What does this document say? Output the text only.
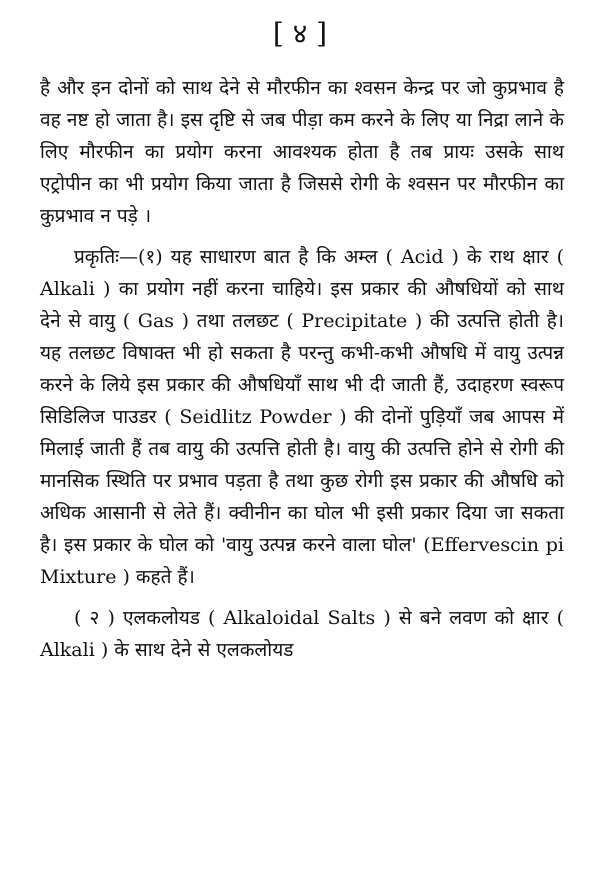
[ ४ ]

है और इन दोनों को साथ देने से मौरफीन का श्वसन केन्द्र पर जो कुप्रभाव है वह नष्ट हो जाता है। इस दृष्टि से जब पीड़ा कम करने के लिए या निद्रा लाने के लिए मौरफीन का प्रयोग करना आवश्यक होता है तब प्रायः उसके साथ एट्रोपीन का भी प्रयोग किया जाता है जिससे रोगी के श्वसन पर मौरफीन का कुप्रभाव न पड़े ।

प्रकृतिः—(१) यह साधारण बात है कि अम्ल ( Acid ) के राथ क्षार ( Alkali ) का प्रयोग नहीं करना चाहिये। इस प्रकार की औषधियों को साथ देने से वायु ( Gas ) तथा तलछट ( Precipitate ) की उत्पत्ति होती है। यह तलछट विषाक्त भी हो सकता है परन्तु कभी-कभी औषधि में वायु उत्पन्न करने के लिये इस प्रकार की औषधियाँ साथ भी दी जाती हैं, उदाहरण स्वरूप सिडिलिज पाउडर ( Seidlitz Powder ) की दोनों पुड़ियाँ जब आपस में मिलाई जाती हैं तब वायु की उत्पत्ति होती है। वायु की उत्पत्ति होने से रोगी की मानसिक स्थिति पर प्रभाव पड़ता है तथा कुछ रोगी इस प्रकार की औषधि को अधिक आसानी से लेते हैं। क्वीनीन का घोल भी इसी प्रकार दिया जा सकता है। इस प्रकार के घोल को 'वायु उत्पन्न करने वाला घोल' (Effervescin pi Mixture ) कहते हैं।

( २ ) एलकलोयड ( Alkaloidal Salts ) से बने लवण को क्षार ( Alkali ) के साथ देने से एलकलोयड
